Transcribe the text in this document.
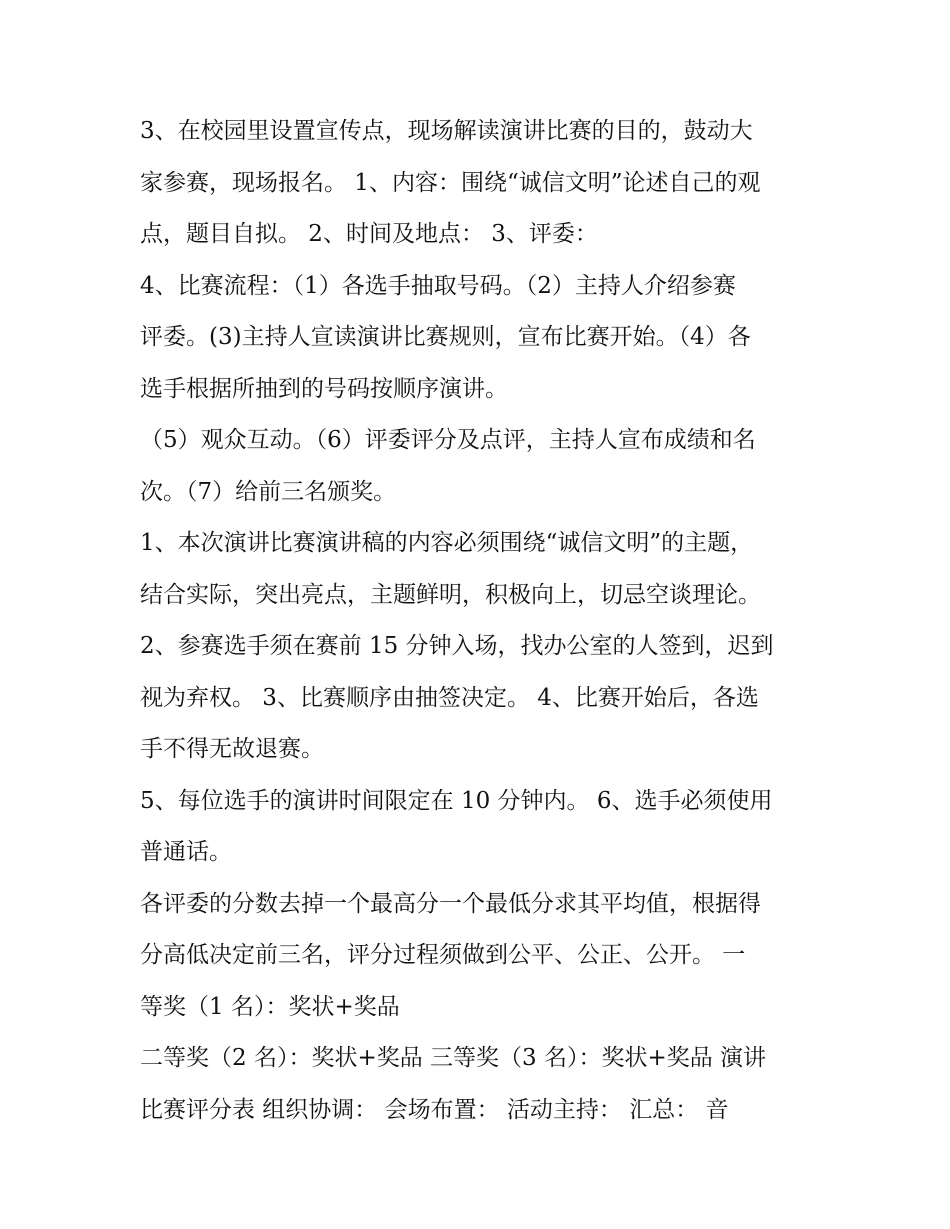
3、在校园里设置宣传点，现场解读演讲比赛的目的，鼓动大
家参赛，现场报名。 1、内容：围绕“诚信文明”论述自己的观
点，题目自拟。 2、时间及地点： 3、评委：
4、比赛流程：（1）各选手抽取号码。（2）主持人介绍参赛
评委。(3)主持人宣读演讲比赛规则，宣布比赛开始。（4）各
选手根据所抽到的号码按顺序演讲。
（5）观众互动。（6）评委评分及点评，主持人宣布成绩和名
次。（7）给前三名颁奖。
1、本次演讲比赛演讲稿的内容必须围绕“诚信文明”的主题，
结合实际，突出亮点，主题鲜明，积极向上，切忌空谈理论。
2、参赛选手须在赛前 15 分钟入场，找办公室的人签到，迟到
视为弃权。 3、比赛顺序由抽签决定。 4、比赛开始后，各选
手不得无故退赛。
5、每位选手的演讲时间限定在 10 分钟内。 6、选手必须使用
普通话。
各评委的分数去掉一个最高分一个最低分求其平均值，根据得
分高低决定前三名，评分过程须做到公平、公正、公开。 一
等奖（1 名）：奖状+奖品
二等奖（2 名）：奖状+奖品 三等奖（3 名）：奖状+奖品 演讲
比赛评分表 组织协调： 会场布置： 活动主持： 汇总： 音
